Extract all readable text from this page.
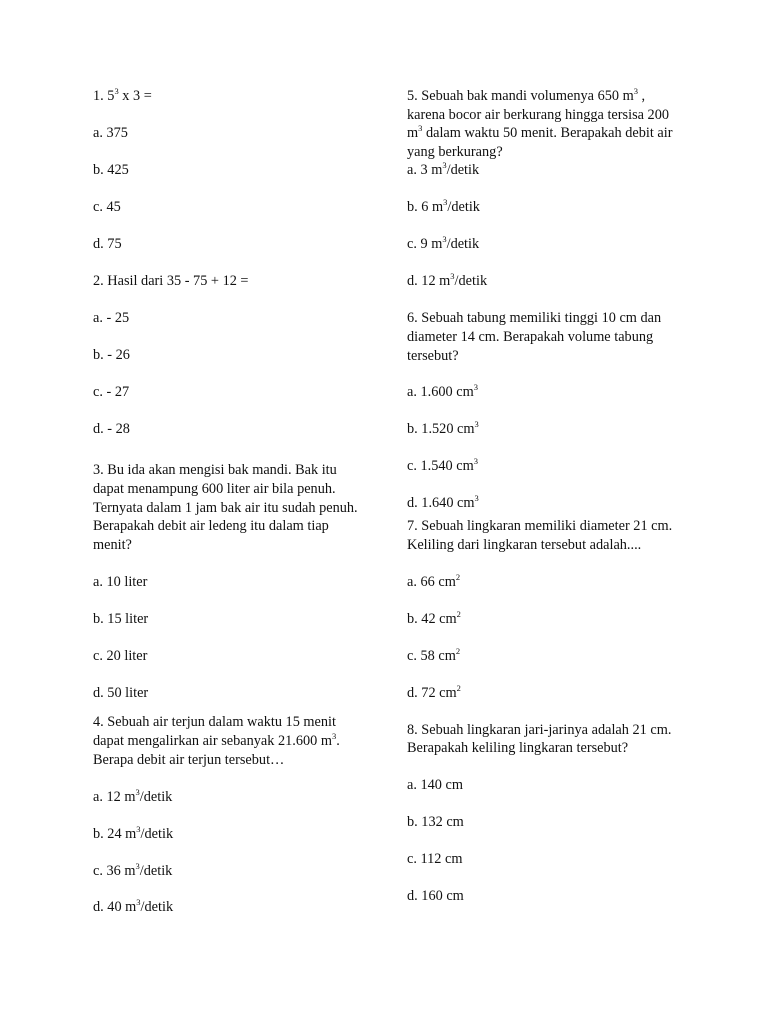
1. $5^3$ x 3 =

a. 375

b. 425

c. 45

d. 75

2. Hasil dari 35 - 75 + 12 =

a. - 25

b. - 26

c. - 27

d. - 28

3. Bu ida akan mengisi bak mandi. Bak itu dapat menampung 600 liter air bila penuh. Ternyata dalam 1 jam bak air itu sudah penuh. Berapakah debit air ledeng itu dalam tiap menit?

a. 10 liter

b. 15 liter

c. 20 liter

d. 50 liter

4. Sebuah air terjun dalam waktu 15 menit dapat mengalirkan air sebanyak 21.600 $m^3$. Berapa debit air terjun tersebut…

a. 12 $m^3$/detik

b. 24 $m^3$/detik

c. 36 $m^3$/detik

d. 40 $m^3$/detik

5. Sebuah bak mandi volumenya 650 $m^3$ , karena bocor air berkurang hingga tersisa 200 $m^3$ dalam waktu 50 menit. Berapakah debit air yang berkurang?

a. 3 $m^3$/detik

b. 6 $m^3$/detik

c. 9 $m^3$/detik

d. 12 $m^3$/detik

6. Sebuah tabung memiliki tinggi 10 cm dan diameter 14 cm. Berapakah volume tabung tersebut?

a. 1.600 $cm^3$

b. 1.520 $cm^3$

c. 1.540 $cm^3$

d. 1.640 $cm^3$

7. Sebuah lingkaran memiliki diameter 21 cm. Keliling dari lingkaran tersebut adalah....

a. 66 $cm^2$

b. 42 $cm^2$

c. 58 $cm^2$

d. 72 $cm^2$

8. Sebuah lingkaran jari-jarinya adalah 21 cm. Berapakah keliling lingkaran tersebut?

a. 140 cm

b. 132 cm

c. 112 cm

d. 160 cm
